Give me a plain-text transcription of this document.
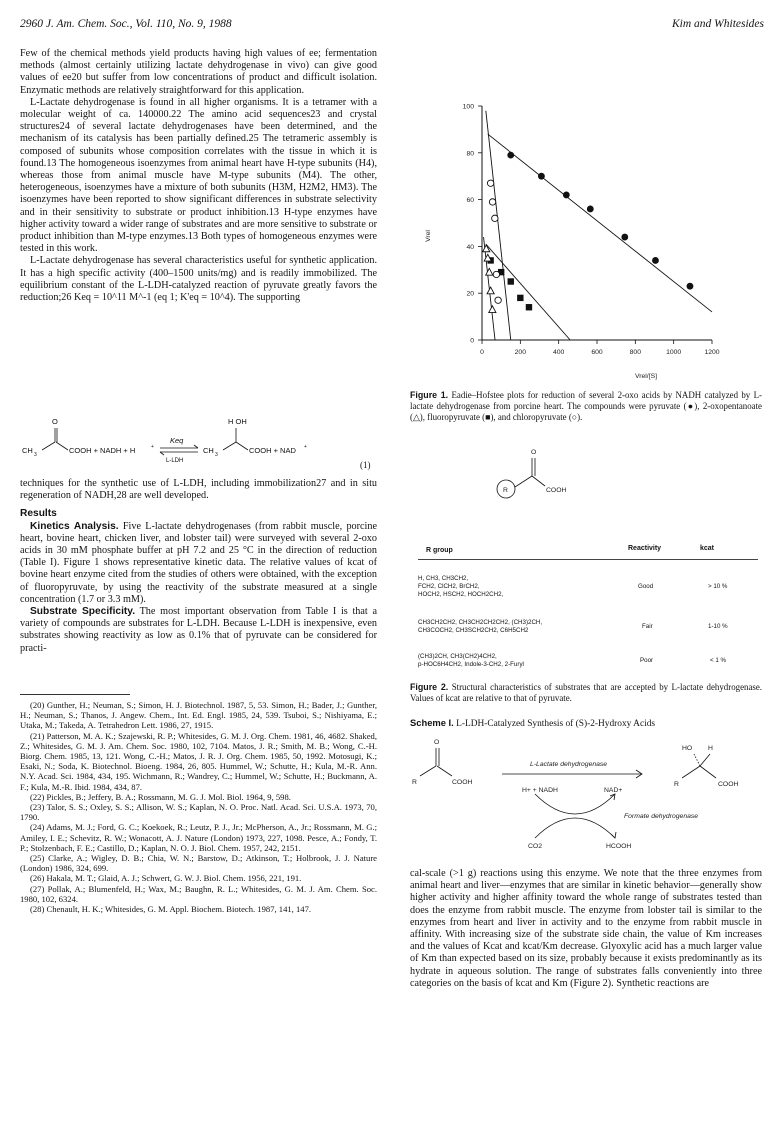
2960 J. Am. Chem. Soc., Vol. 110, No. 9, 1988	Kim and Whitesides

Few of the chemical methods yield products having high values of ee; fermentation methods (almost certainly utilizing lactate dehydrogenase in vivo) can give good values of ee20 but suffer from low concentrations of product and difficult isolation. Enzymatic methods are relatively straightforward for this application.

L-Lactate dehydrogenase is found in all higher organisms. It is a tetramer with a molecular weight of ca. 140000.22 The amino acid sequences23 and crystal structures24 of several lactate dehydrogenases have been determined, and the mechanism of its catalysis has been partially defined.25 The tetrameric assembly is composed of subunits whose composition correlates with the tissue in which it is found.13 The homogeneous isoenzymes from animal heart have H-type subunits (H4), whereas those from animal muscle have M-type subunits (M4). The other, heterogeneous, isoenzymes have a mixture of both subunits (H3M, H2M2, HM3). The isoenzymes have been reported to show significant differences in substrate selectivity and in their sensitivity to substrate or product inhibition.13 H-type enzymes have higher activity toward a wider range of substrates and are more sensitive to substrate or product inhibition than M-type enzymes.13 Both types of homogeneous enzymes were tested in this work.

L-Lactate dehydrogenase has several characteristics useful for synthetic application. It has a high specific activity (400–1500 units/mg) and is readily immobilized. The equilibrium constant of the L-LDH-catalyzed reaction of pyruvate greatly favors the reduction;26 Keq = 10^11 M^-1 (eq 1; K'eq = 10^4). The supporting

CH 3
O
COOH + NADH + H	+
Keq
L-LDH
CH 3
H OH
COOH + NAD +
(1)

techniques for the synthetic use of L-LDH, including immobilization27 and in situ regeneration of NADH,28 are well developed.

Results

Kinetics Analysis. Five L-lactate dehydrogenases (from rabbit muscle, porcine heart, bovine heart, chicken liver, and lobster tail) were surveyed with several 2-oxo acids in 30 mM phosphate buffer at pH 7.2 and 25 °C in the direction of reduction (Table I). Figure 1 shows representative kinetic data. The relative values of kcat of bovine heart enzyme cited from the studies of others were obtained, with the exception of fluoropyruvate, by using the reactivity of the substrate measured at a single concentration (1.7 or 3.3 mM).

Substrate Specificity. The most important observation from Table I is that a variety of compounds are substrates for L-LDH. Because L-LDH is inexpensive, even substrates showing reactivity as low as 0.1% that of pyruvate can be considered for practi-

(20) Gunther, H.; Neuman, S.; Simon, H. J. Biotechnol. 1987, 5, 53. Simon, H.; Bader, J.; Gunther, H.; Neuman, S.; Thanos, J. Angew. Chem., Int. Ed. Engl. 1985, 24, 539. Tsuboi, S.; Nishiyama, E.; Utaka, M.; Takeda, A. Tetrahedron Lett. 1986, 27, 1915.

(21) Patterson, M. A. K.; Szajewski, R. P.; Whitesides, G. M. J. Org. Chem. 1981, 46, 4682. Shaked, Z.; Whitesides, G. M. J. Am. Chem. Soc. 1980, 102, 7104. Matos, J. R.; Smith, M. B.; Wong, C.-H. Biorg. Chem. 1985, 13, 121. Wong, C.-H.; Matos, J. R. J. Org. Chem. 1985, 50, 1992. Motosugi, K.; Esaki, N.; Soda, K. Biotechnol. Bioeng. 1984, 26, 805. Hummel, W.; Schutte, H.; Kula, M.-R. Ann. N.Y. Acad. Sci. 1984, 434, 195. Wichmann, R.; Wandrey, C.; Hummel, W.; Schutte, H.; Buckmann, A. F.; Kula, M.-R. Ibid. 1984, 434, 87.

(22) Pickles, B.; Jeffery, B. A.; Rossmann, M. G. J. Mol. Biol. 1964, 9, 598.

(23) Talor, S. S.; Oxley, S. S.; Allison, W. S.; Kaplan, N. O. Proc. Natl. Acad. Sci. U.S.A. 1973, 70, 1790.

(24) Adams, M. J.; Ford, G. C.; Koekoek, R.; Leutz, P. J., Jr.; McPherson, A., Jr.; Rossmann, M. G.; Amiley, I. E.; Schevitz, R. W.; Wonacott, A. J. Nature (London) 1973, 227, 1098. Pesce, A.; Fondy, T. P.; Stolzenbach, F. E.; Castillo, D.; Kaplan, N. O. J. Biol. Chem. 1957, 242, 2151.

(25) Clarke, A.; Wigley, D. B.; Chia, W. N.; Barstow, D.; Atkinson, T.; Holbrook, J. J. Nature (London) 1986, 324, 699.

(26) Hakala, M. T.; Glaid, A. J.; Schwert, G. W. J. Biol. Chem. 1956, 221, 191.

(27) Pollak, A.; Blumenfeld, H.; Wax, M.; Baughn, R. L.; Whitesides, G. M. J. Am. Chem. Soc. 1980, 102, 6324.

(28) Chenault, H. K.; Whitesides, G. M. Appl. Biochem. Biotech. 1987, 141, 147.

0	200	400	600	800	1000	1200
0
20
40
60
80
100
Vrel
Vrel/[S]
Figure 1. Eadie–Hofstee plots for reduction of several 2-oxo acids by NADH catalyzed by L-lactate dehydrogenase from porcine heart. The compounds were pyruvate (●), 2-oxopentanoate (△), fluoropyruvate (■), and chloropyruvate (○).
R
O
COOH
R group	Reactivity	kcat
H, CH3, CH3CH2,
FCH2, ClCH2, BrCH2,
HOCH2, HSCH2, HOCH2CH2,
Good	> 10 %
CH3CH2CH2, CH3CH2CH2CH2, (CH3)2CH,
CH3COCH2, CH3SCH2CH2, C6H5CH2
Fair	1-10 %
(CH3)2CH, CH3(CH2)4CH2,
p-HOC6H4CH2, Indole-3-CH2, 2-Furyl
Poor	< 1 %
Figure 2. Structural characteristics of substrates that are accepted by L-lactate dehydrogenase. Values of kcat are relative to that of pyruvate.
Scheme I. L-LDH-Catalyzed Synthesis of (S)-2-Hydroxy Acids
O
R	COOH
L-Lactate dehydrogenase
H+ + NADH	NAD+
Formate dehydrogenase
CO2	HCOOH
HO H
R	COOH

cal-scale (>1 g) reactions using this enzyme. We note that the three enzymes from animal heart and liver—enzymes that are similar in kinetic behavior—generally show higher activity and higher affinity toward the whole range of substrates tested than does the enzyme from rabbit muscle. The enzyme from lobster tail is similar to the enzymes from heart and liver in activity and to the enzyme from rabbit muscle in affinity. With increasing size of the substrate side chain, the value of Km increases and the values of Kcat and kcat/Km decrease. Glyoxylic acid has a much larger value of Km than expected based on its size, probably because it exists predominantly as its hydrate in aqueous solution. The range of substrates falls conveniently into three categories on the basis of kcat and Km (Figure 2). Synthetic reactions are
